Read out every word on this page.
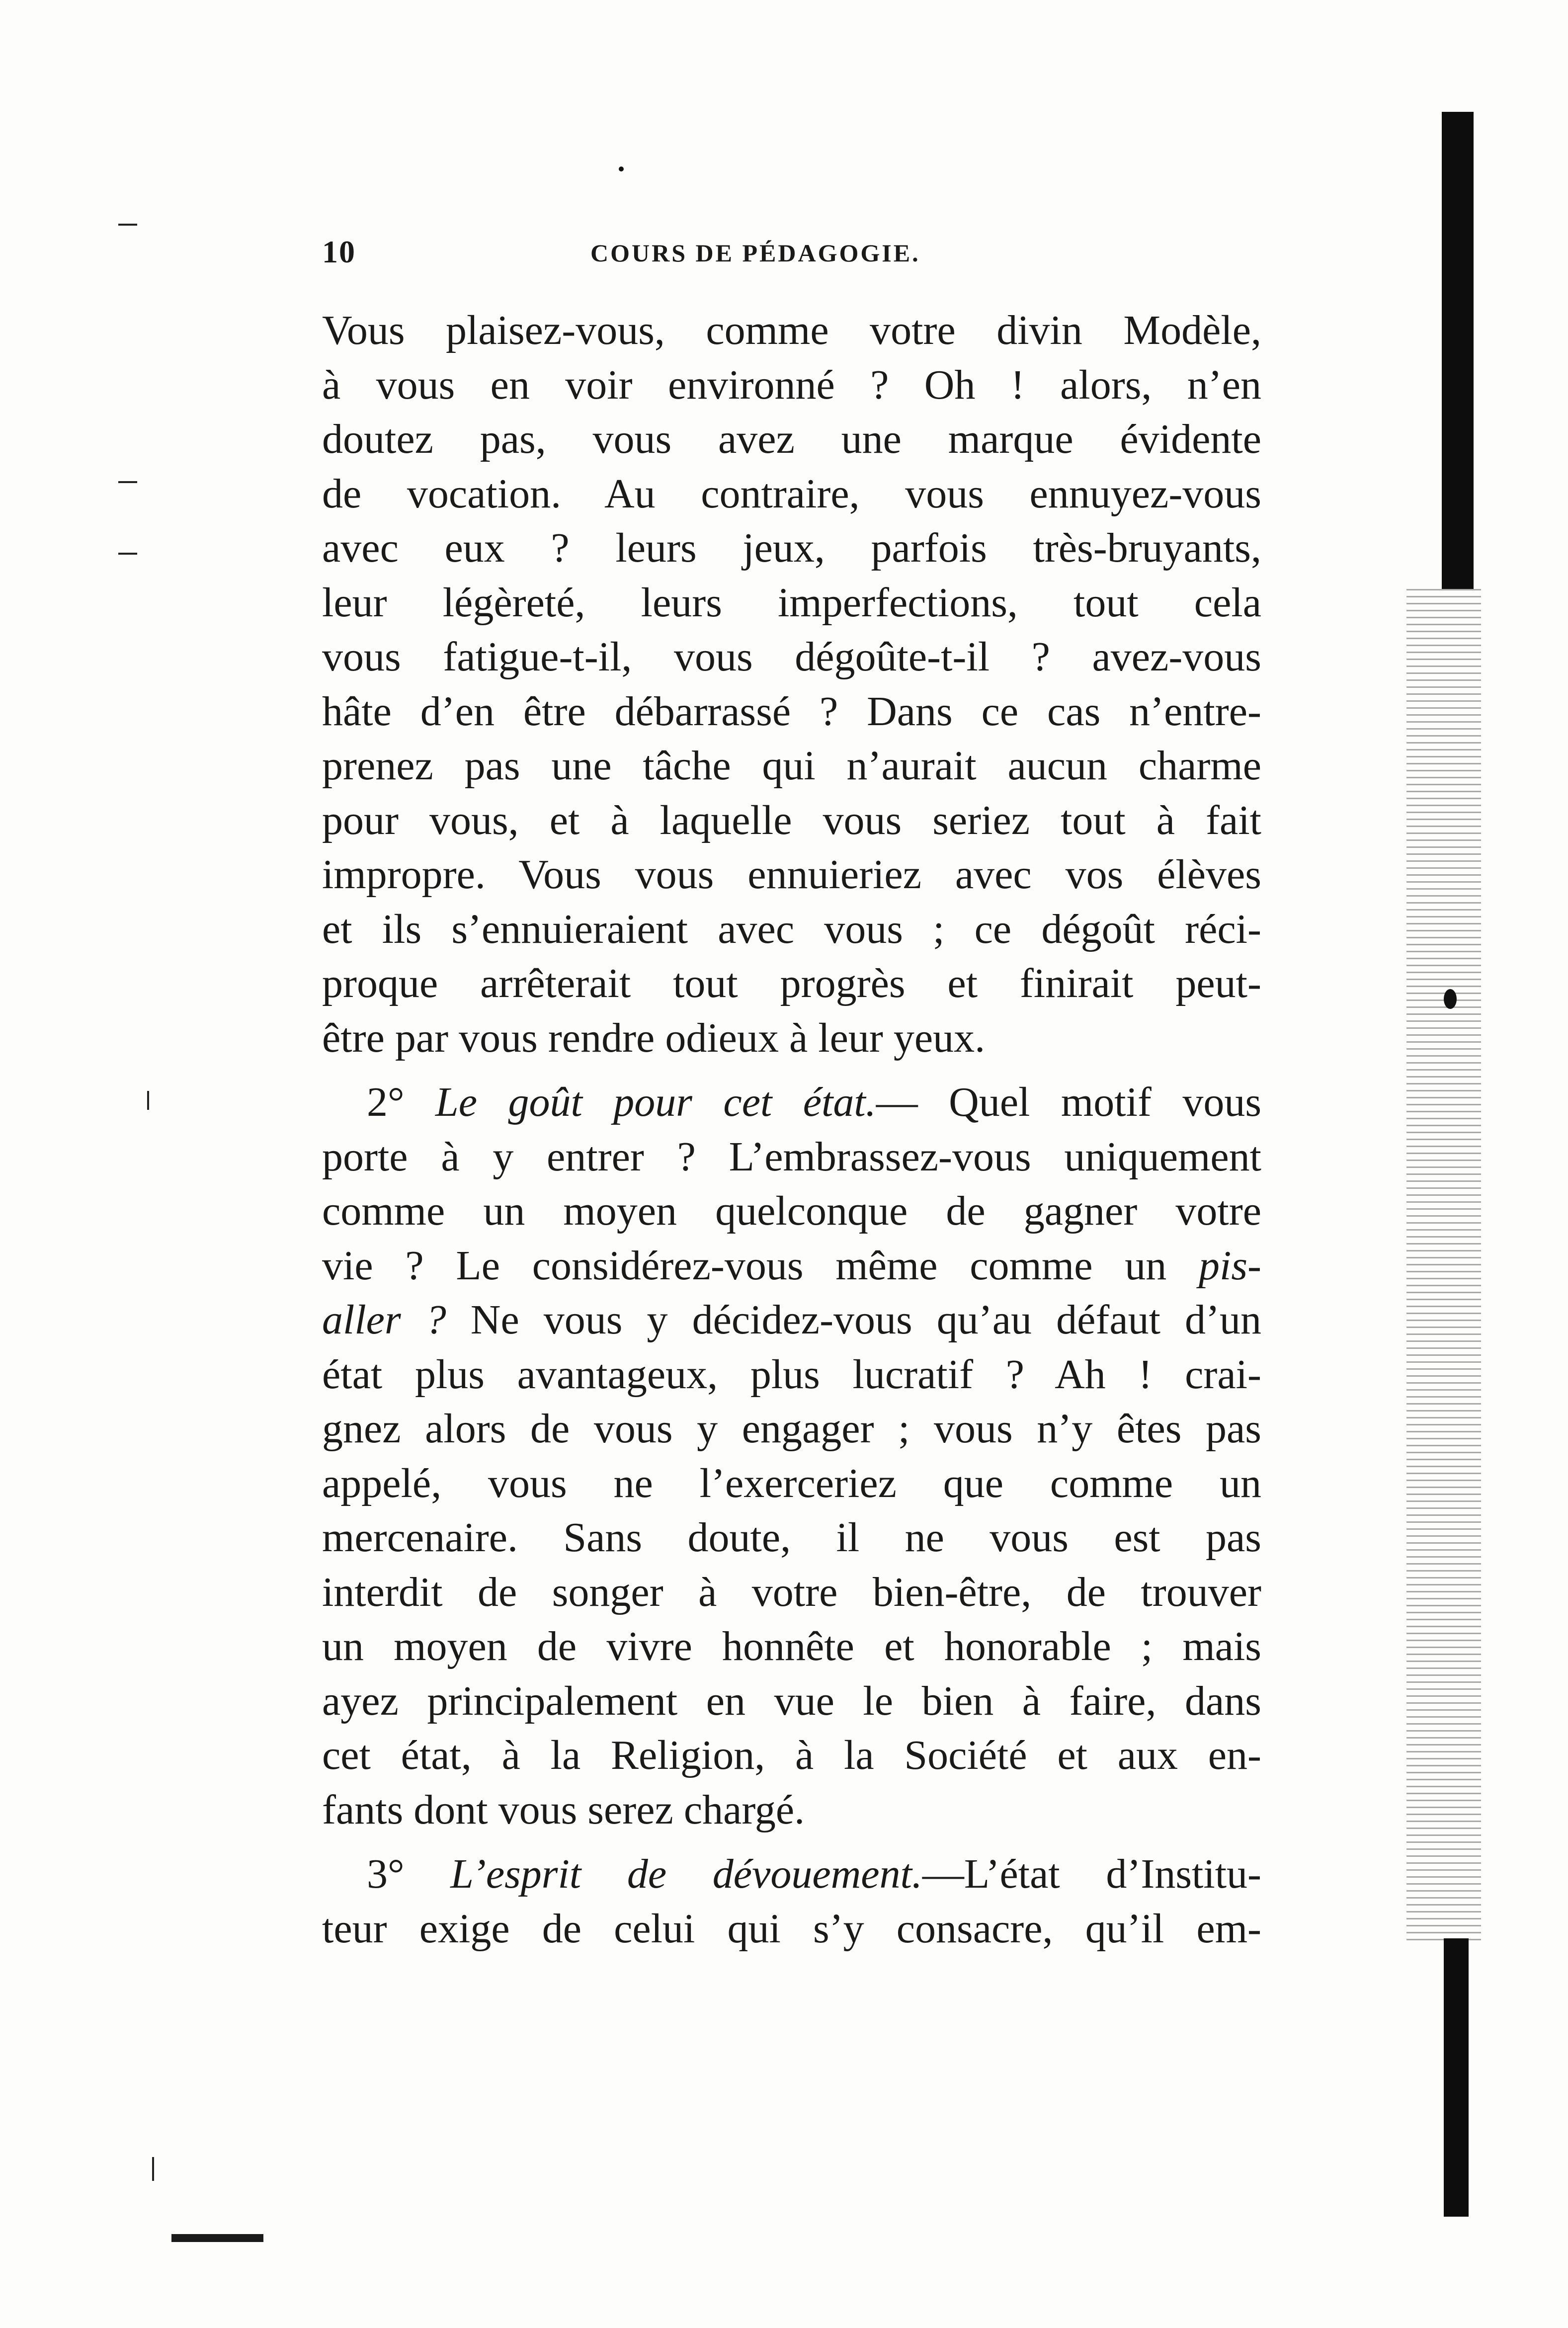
10	COURS DE PÉDAGOGIE.
Vous plaisez-vous, comme votre divin Modèle,
à vous en voir environné ? Oh ! alors, n’en
doutez pas, vous avez une marque évidente
de vocation. Au contraire, vous ennuyez-vous
avec eux ? leurs jeux, parfois très-bruyants,
leur légèreté, leurs imperfections, tout cela
vous fatigue-t-il, vous dégoûte-t-il ? avez-vous
hâte d’en être débarrassé ? Dans ce cas n’entre-
prenez pas une tâche qui n’aurait aucun charme
pour vous, et à laquelle vous seriez tout à fait
impropre. Vous vous ennuieriez avec vos élèves
et ils s’ennuieraient avec vous ; ce dégoût réci-
proque arrêterait tout progrès et finirait peut-
être par vous rendre odieux à leur yeux.
2° Le goût pour cet état.— Quel motif vous
porte à y entrer ? L’embrassez-vous uniquement
comme un moyen quelconque de gagner votre
vie ? Le considérez-vous même comme un pis-
aller ? Ne vous y décidez-vous qu’au défaut d’un
état plus avantageux, plus lucratif ? Ah ! crai-
gnez alors de vous y engager ; vous n’y êtes pas
appelé, vous ne l’exerceriez que comme un
mercenaire. Sans doute, il ne vous est pas
interdit de songer à votre bien-être, de trouver
un moyen de vivre honnête et honorable ; mais
ayez principalement en vue le bien à faire, dans
cet état, à la Religion, à la Société et aux en-
fants dont vous serez chargé.
3° L’esprit de dévouement.—L’état d’Institu-
teur exige de celui qui s’y consacre, qu’il em-
